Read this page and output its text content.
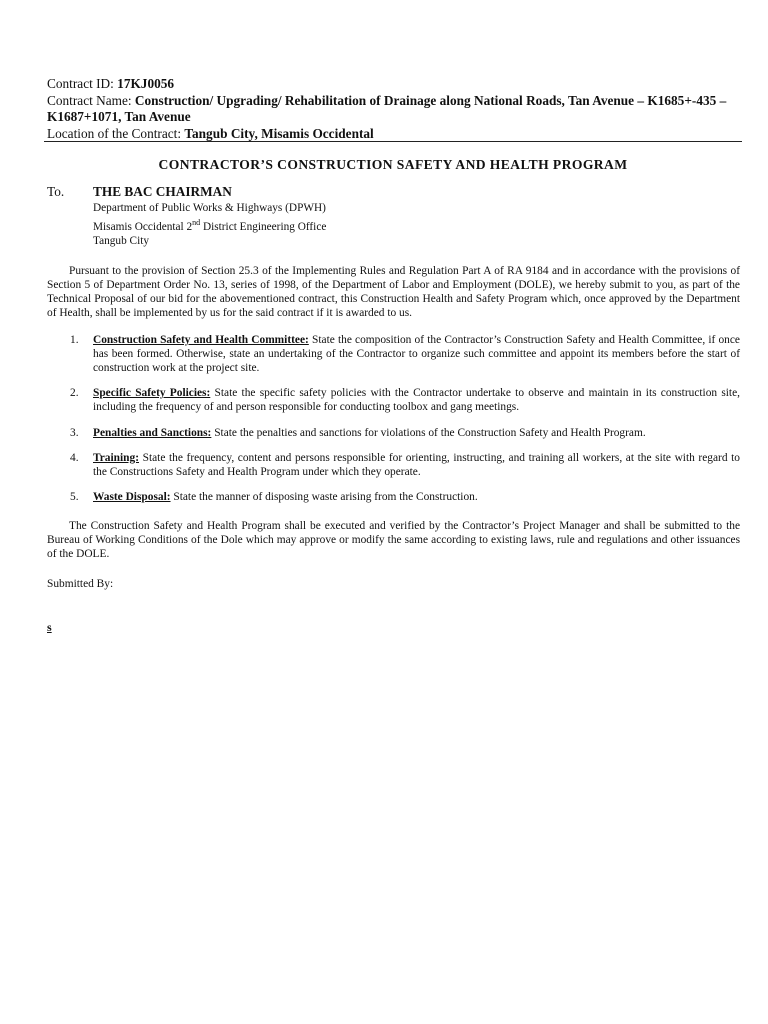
Contract ID: 17KJ0056
Contract Name: Construction/ Upgrading/ Rehabilitation of Drainage along National Roads, Tan Avenue – K1685+-435 – K1687+1071, Tan Avenue
Location of the Contract: Tangub City, Misamis Occidental
CONTRACTOR’S CONSTRUCTION SAFETY AND HEALTH PROGRAM
To. THE BAC CHAIRMAN
Department of Public Works & Highways (DPWH)
Misamis Occidental 2nd District Engineering Office
Tangub City
Pursuant to the provision of Section 25.3 of the Implementing Rules and Regulation Part A of RA 9184 and in accordance with the provisions of Section 5 of Department Order No. 13, series of 1998, of the Department of Labor and Employment (DOLE), we hereby submit to you, as part of the Technical Proposal of our bid for the abovementioned contract, this Construction Health and Safety Program which, once approved by the Department of Health, shall be implemented by us for the said contract if it is awarded to us.
1. Construction Safety and Health Committee: State the composition of the Contractor’s Construction Safety and Health Committee, if once has been formed. Otherwise, state an undertaking of the Contractor to organize such committee and appoint its members before the start of construction work at the project site.
2. Specific Safety Policies: State the specific safety policies with the Contractor undertake to observe and maintain in its construction site, including the frequency of and person responsible for conducting toolbox and gang meetings.
3. Penalties and Sanctions: State the penalties and sanctions for violations of the Construction Safety and Health Program.
4. Training: State the frequency, content and persons responsible for orienting, instructing, and training all workers, at the site with regard to the Constructions Safety and Health Program under which they operate.
5. Waste Disposal: State the manner of disposing waste arising from the Construction.
The Construction Safety and Health Program shall be executed and verified by the Contractor’s Project Manager and shall be submitted to the Bureau of Working Conditions of the Dole which may approve or modify the same according to existing laws, rule and regulations and other issuances of the DOLE.
Submitted By:
s
